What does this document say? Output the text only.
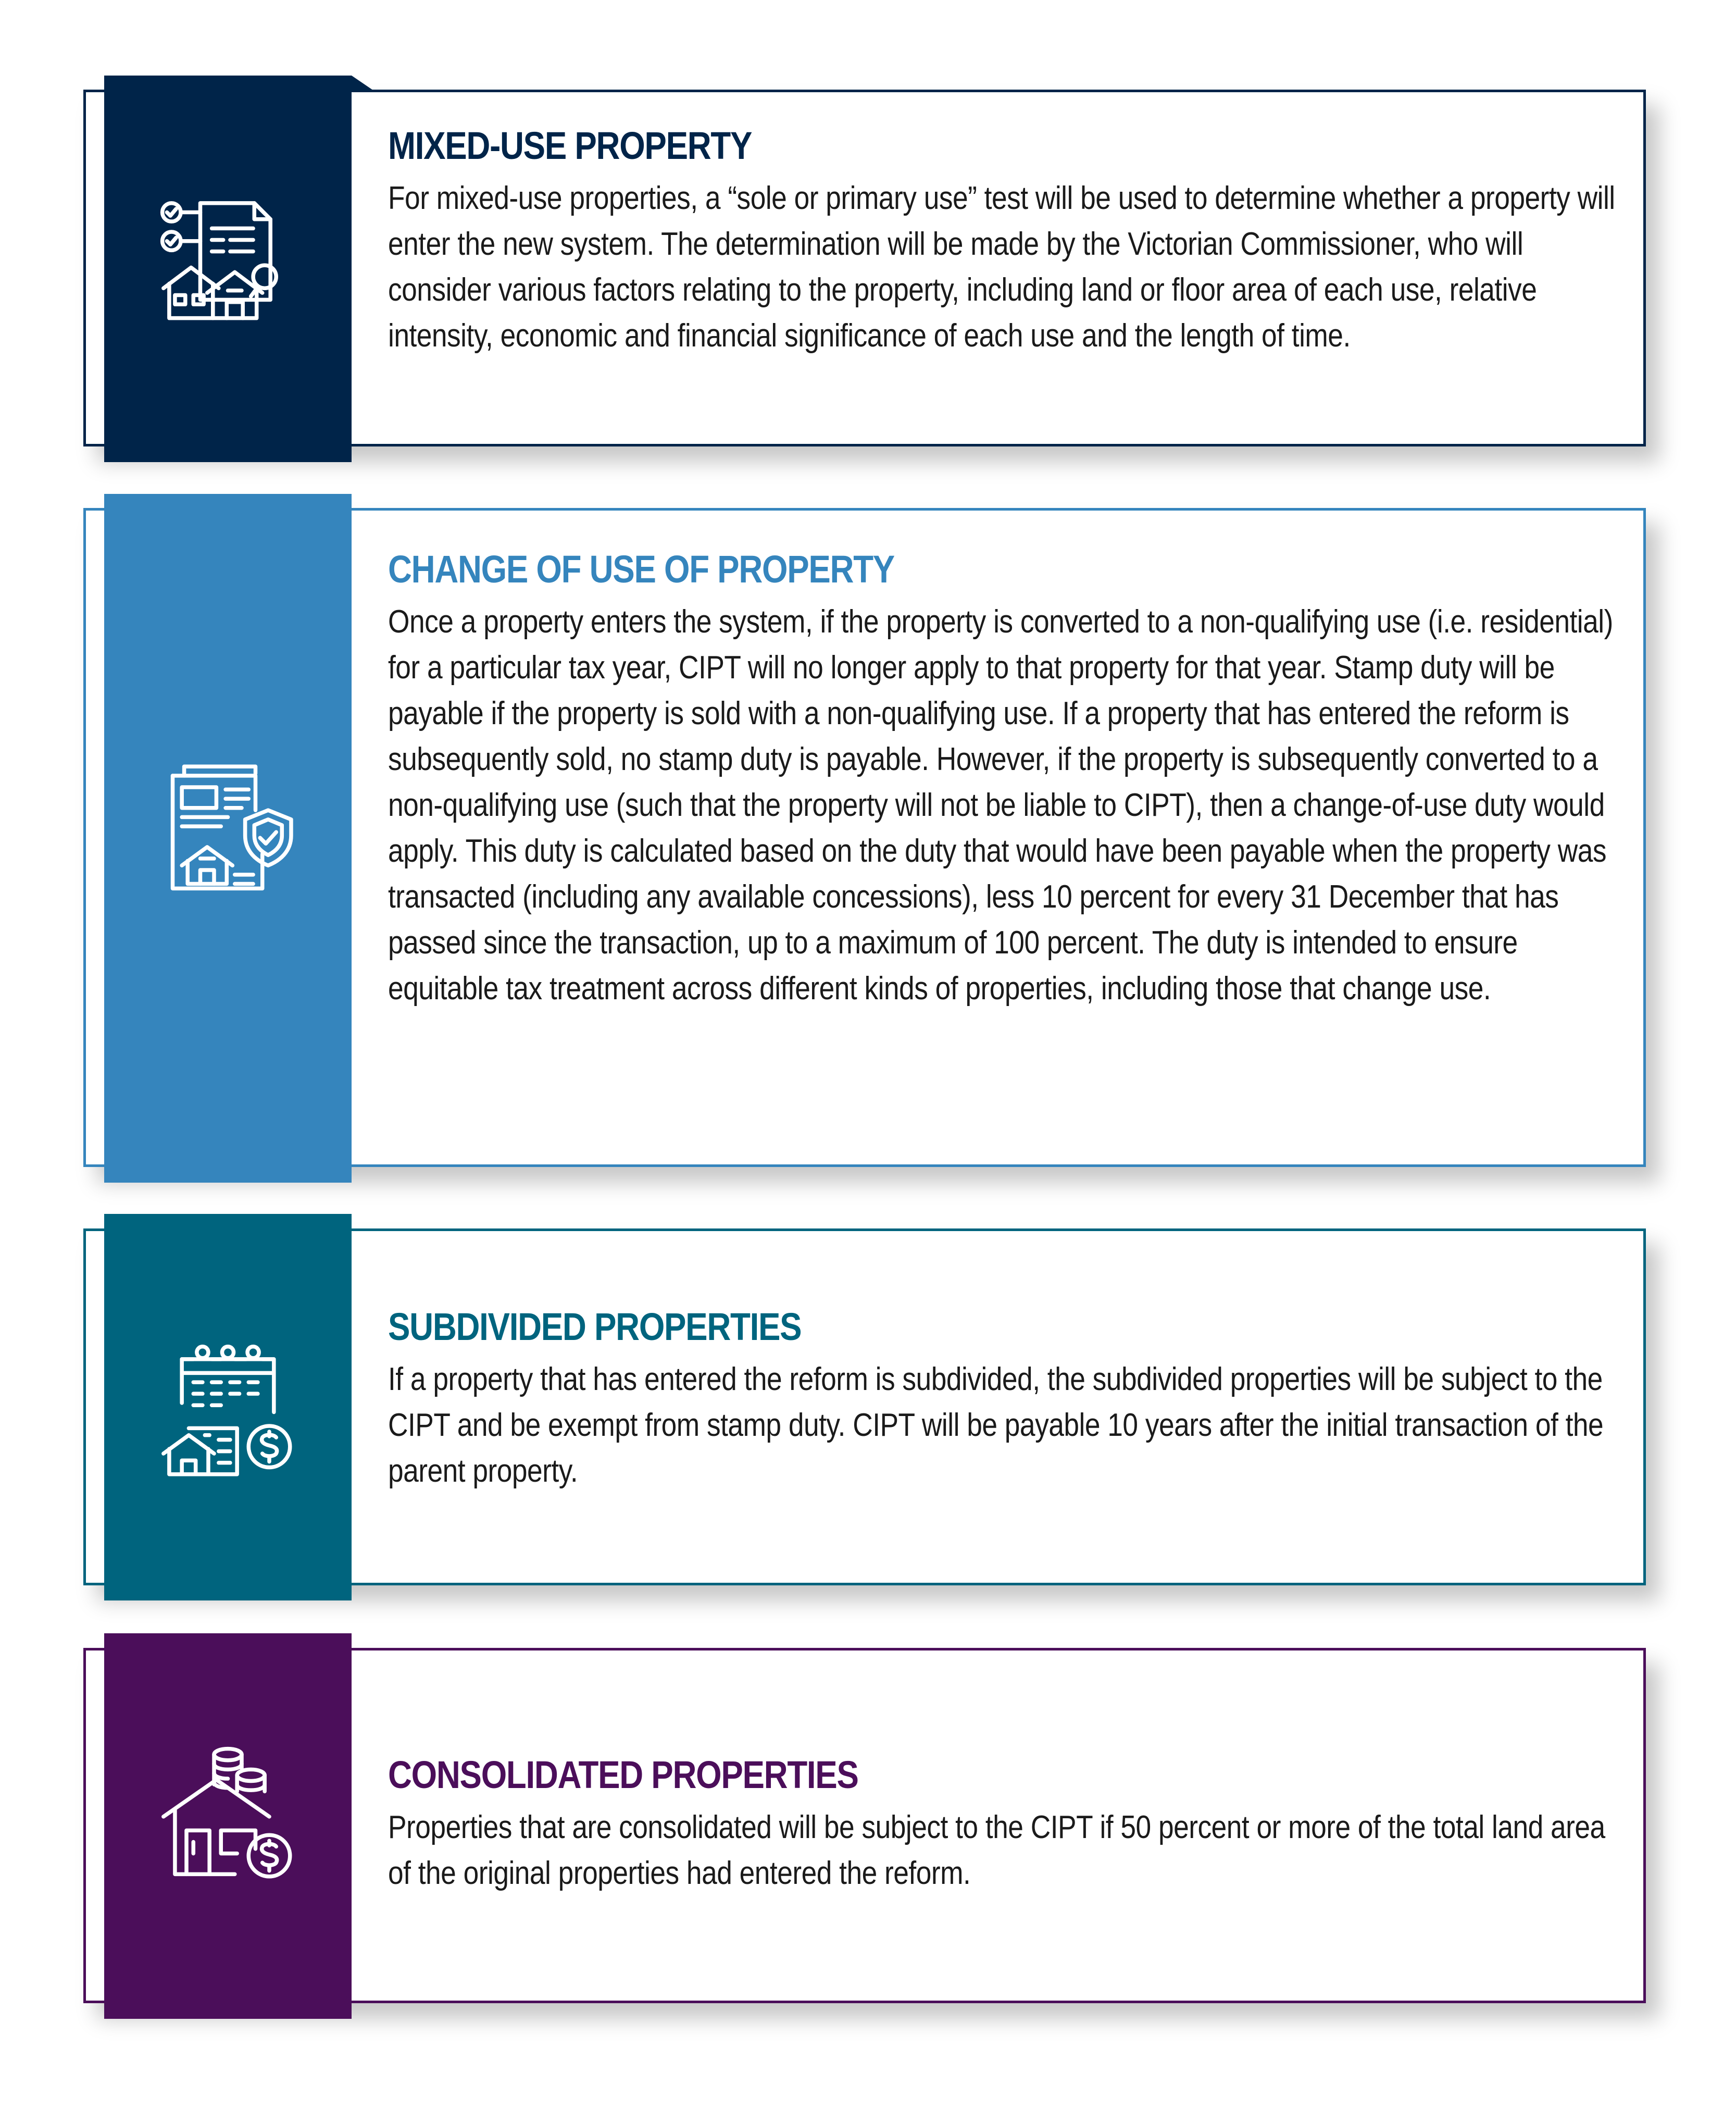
MIXED-USE PROPERTY

For mixed-use properties, a “sole or primary use” test will be used to determine whether a property will enter the new system. The determination will be made by the Victorian Commissioner, who will consider various factors relating to the property, including land or floor area of each use, relative intensity, economic and financial significance of each use and the length of time.

CHANGE OF USE OF PROPERTY

Once a property enters the system, if the property is converted to a non-qualifying use (i.e. residential) for a particular tax year, CIPT will no longer apply to that property for that year. Stamp duty will be payable if the property is sold with a non-qualifying use. If a property that has entered the reform is subsequently sold, no stamp duty is payable. However, if the property is subsequently converted to a non-qualifying use (such that the property will not be liable to CIPT), then a change-of-use duty would apply. This duty is calculated based on the duty that would have been payable when the property was transacted (including any available concessions), less 10 percent for every 31 December that has passed since the transaction, up to a maximum of 100 percent. The duty is intended to ensure equitable tax treatment across different kinds of properties, including those that change use.

SUBDIVIDED PROPERTIES

If a property that has entered the reform is subdivided, the subdivided properties will be subject to the CIPT and be exempt from stamp duty. CIPT will be payable 10 years after the initial transaction of the parent property.

CONSOLIDATED PROPERTIES

Properties that are consolidated will be subject to the CIPT if 50 percent or more of the total land area of the original properties had entered the reform.
